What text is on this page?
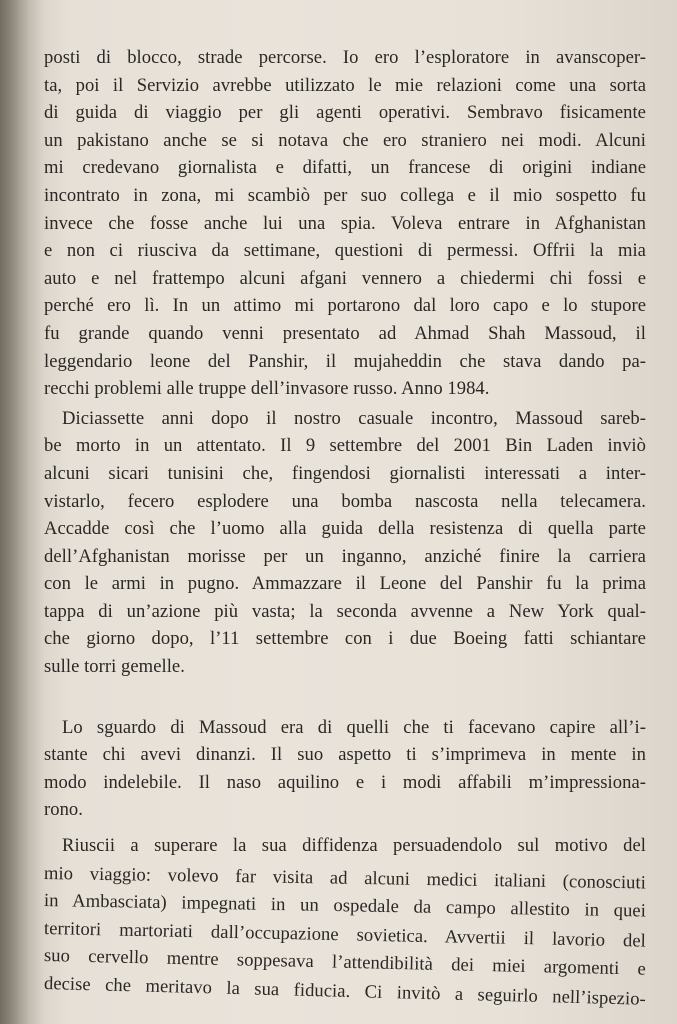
posti di blocco, strade percorse. Io ero l’esploratore in avanscoper-
ta, poi il Servizio avrebbe utilizzato le mie relazioni come una sorta
di guida di viaggio per gli agenti operativi. Sembravo fisicamente
un pakistano anche se si notava che ero straniero nei modi. Alcuni
mi credevano giornalista e difatti, un francese di origini indiane
incontrato in zona, mi scambiò per suo collega e il mio sospetto fu
invece che fosse anche lui una spia. Voleva entrare in Afghanistan
e non ci riusciva da settimane, questioni di permessi. Offrii la mia
auto e nel frattempo alcuni afgani vennero a chiedermi chi fossi e
perché ero lì. In un attimo mi portarono dal loro capo e lo stupore
fu grande quando venni presentato ad Ahmad Shah Massoud, il
leggendario leone del Panshir, il mujaheddin che stava dando pa-
recchi problemi alle truppe dell’invasore russo. Anno 1984.
Diciassette anni dopo il nostro casuale incontro, Massoud sareb-
be morto in un attentato. Il 9 settembre del 2001 Bin Laden inviò
alcuni sicari tunisini che, fingendosi giornalisti interessati a inter-
vistarlo, fecero esplodere una bomba nascosta nella telecamera.
Accadde così che l’uomo alla guida della resistenza di quella parte
dell’Afghanistan morisse per un inganno, anziché finire la carriera
con le armi in pugno. Ammazzare il Leone del Panshir fu la prima
tappa di un’azione più vasta; la seconda avvenne a New York qual-
che giorno dopo, l’11 settembre con i due Boeing fatti schiantare
sulle torri gemelle.
Lo sguardo di Massoud era di quelli che ti facevano capire all’i-
stante chi avevi dinanzi. Il suo aspetto ti s’imprimeva in mente in
modo indelebile. Il naso aquilino e i modi affabili m’impressiona-
rono.
Riuscii a superare la sua diffidenza persuadendolo sul motivo del
mio viaggio: volevo far visita ad alcuni medici italiani (conosciuti
in Ambasciata) impegnati in un ospedale da campo allestito in quei
territori martoriati dall’occupazione sovietica. Avvertii il lavorio del
suo cervello mentre soppesava l’attendibilità dei miei argomenti e
decise che meritavo la sua fiducia. Ci invitò a seguirlo nell’ispezio-
